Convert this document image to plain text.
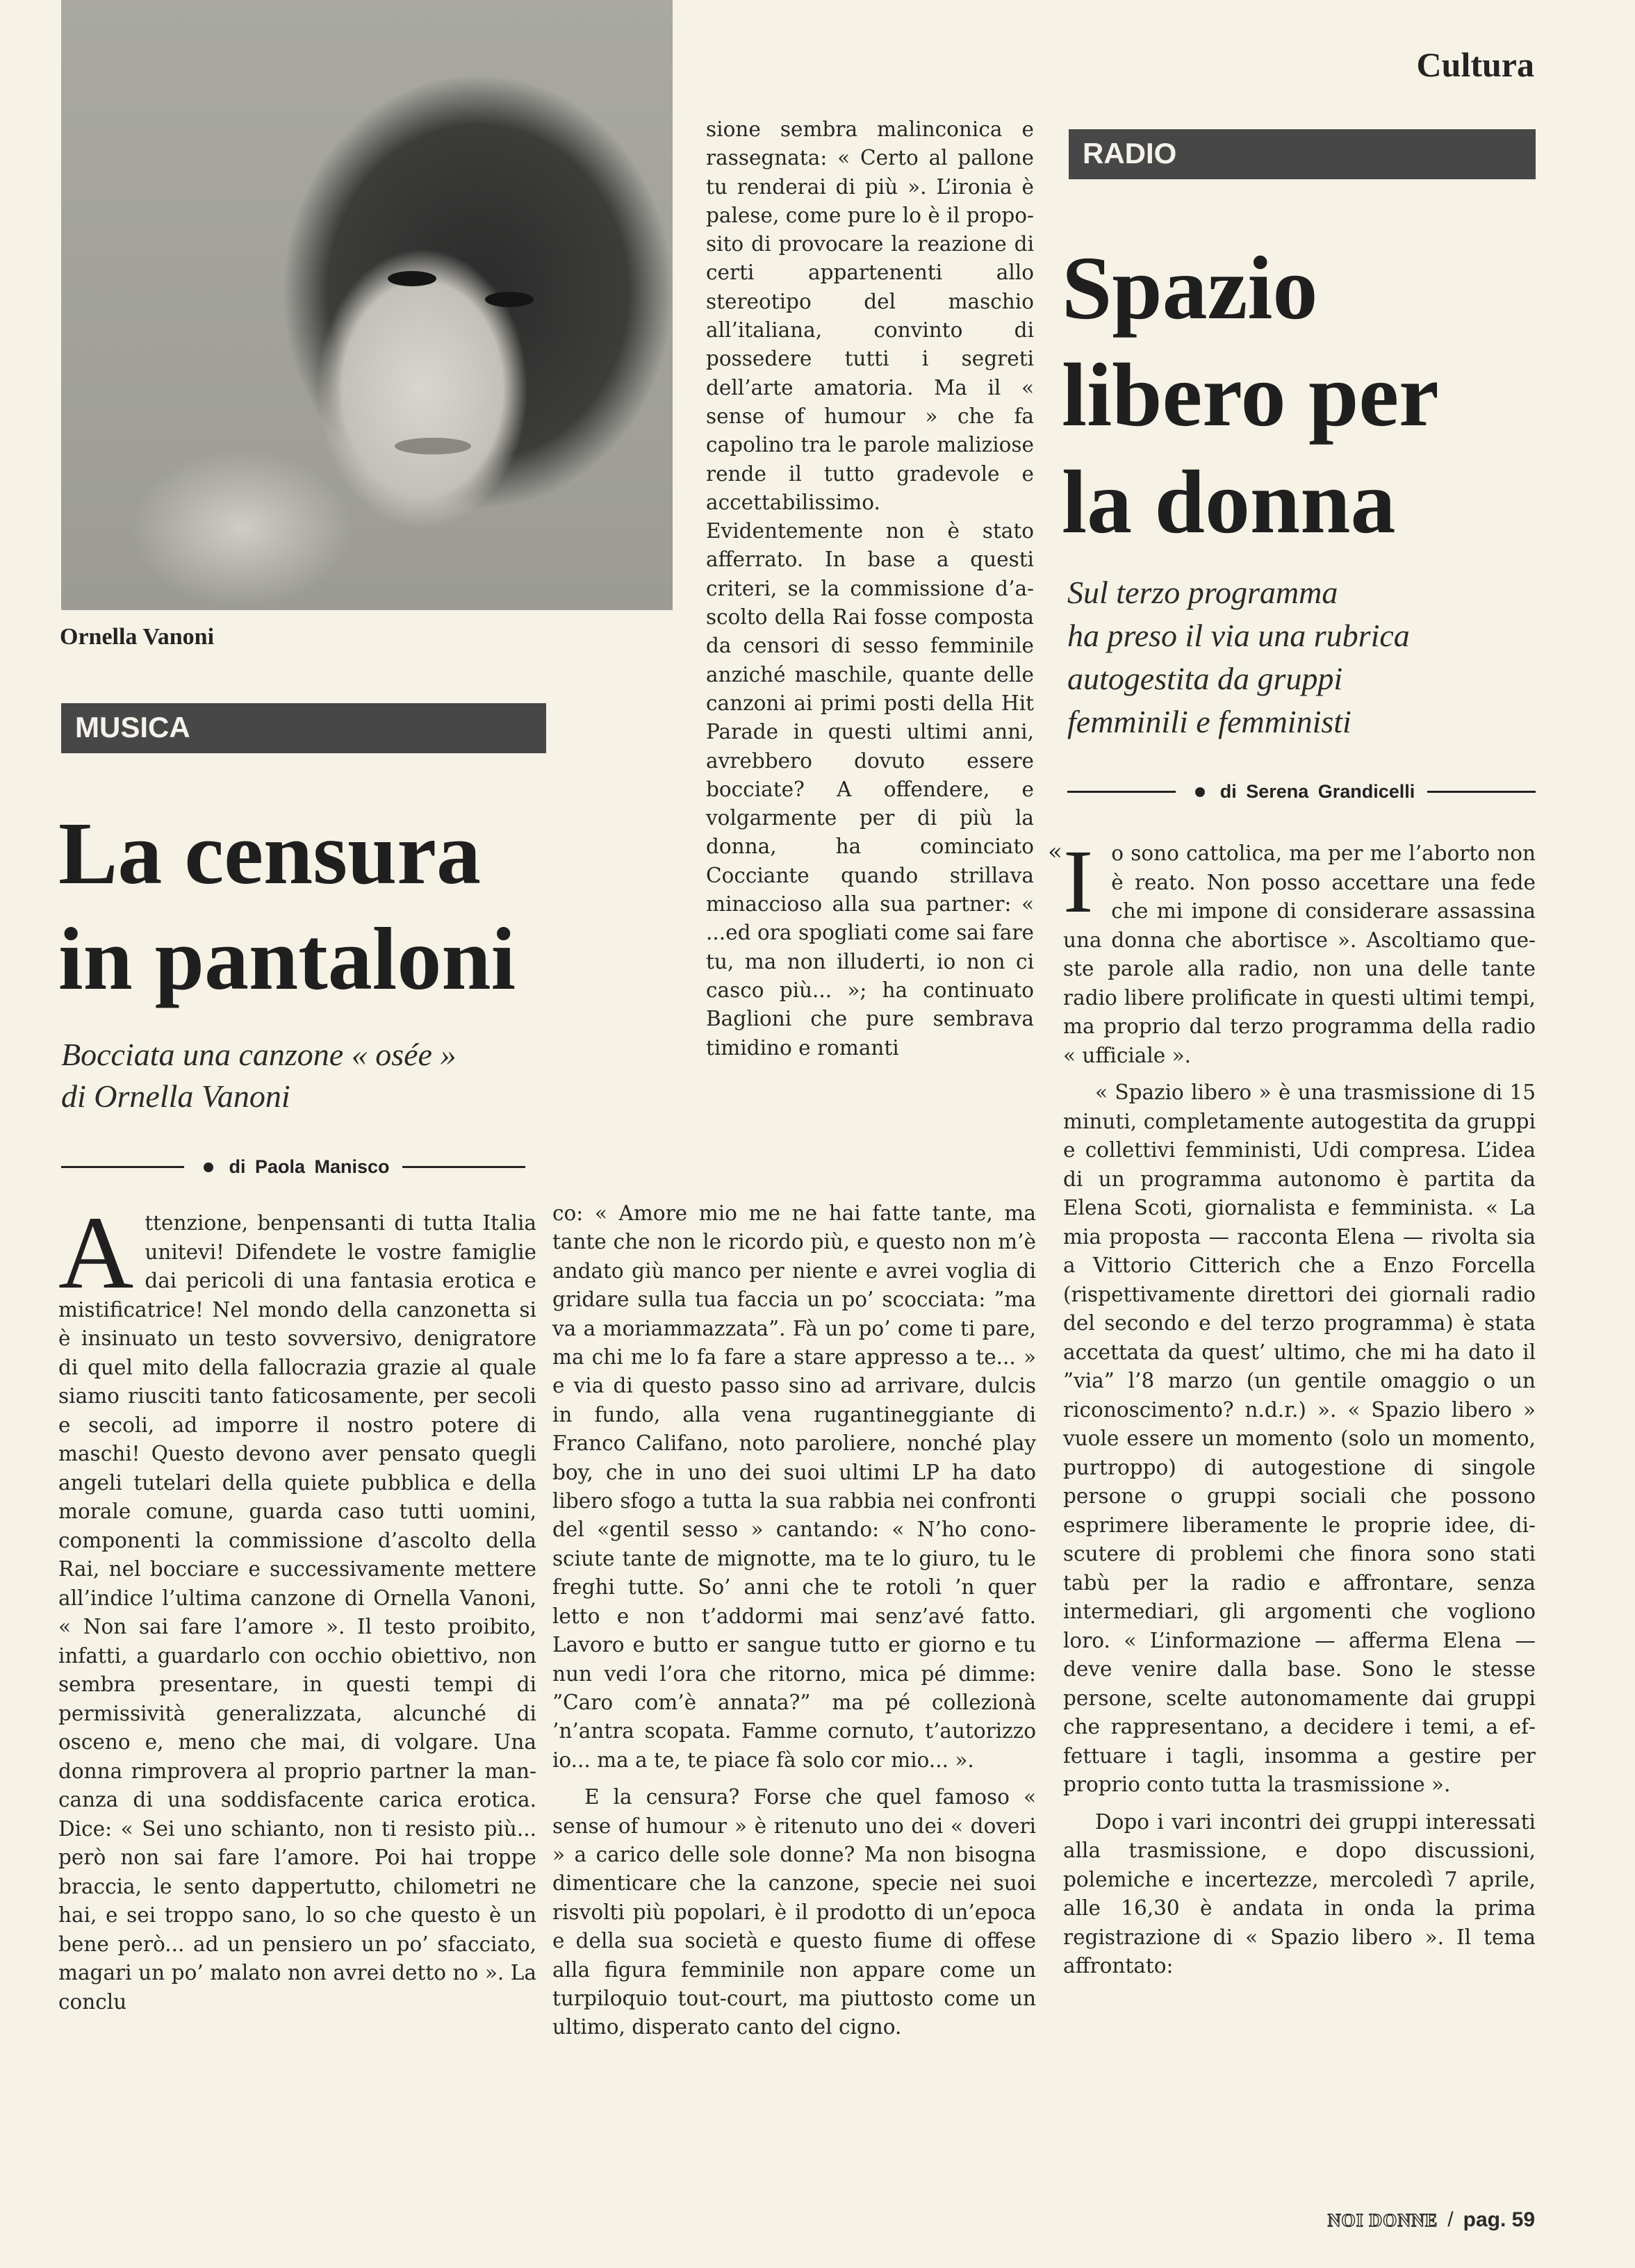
Cultura
Ornella Vanoni
MUSICA
La censura
in pantaloni
Bocciata una canzone « osée »
di Ornella Vanoni
di Paola Manisco

Attenzione, benpensanti di tutta Italia unitevi! Difendete le vostre famiglie dai pericoli di una fantasia erotica e mistificatrice! Nel mondo della canzonetta si è insinuato un testo sovversivo, denigratore di quel mito della fallocrazia grazie al quale siamo riusciti tanto faticosamente, per secoli e secoli, ad imporre il nostro potere di maschi! Questo devono aver pensato quegli angeli tutelari della quiete pubblica e della morale comune, guarda caso tutti uomini, componenti la commissione d’ascolto della Rai, nel bocciare e successivamente mettere all’indice l’ultima canzone di Ornella Vanoni, « Non sai fare l’amore ». Il testo proibito, infatti, a guardarlo con occhio obiettivo, non sembra presentare, in questi tempi di permissività generalizzata, alcunché di osceno e, meno che mai, di volgare. Una donna rimprovera al proprio partner la mancanza di una soddisfacente carica erotica. Dice: « Sei uno schianto, non ti resisto più... però non sai fare l’amore. Poi hai troppe braccia, le sento dappertutto, chilometri ne hai, e sei troppo sano, lo so che questo è un bene però... ad un pensiero un po’ sfacciato, magari un po’ malato non avrei detto no ». La conclu

sione sembra malinconica e rassegnata: « Certo al pallone tu renderai di più ». L’ironia è palese, come pure lo è il proposito di provocare la reazione di certi appartenenti allo stereotipo del maschio all’italiana, convinto di possedere tutti i segreti dell’arte amatoria. Ma il « sense of humour » che fa capolino tra le parole maliziose rende il tutto gradevole e accettabilissimo. Evidentemente non è stato afferrato. In base a questi criteri, se la commissione d’ascolto della Rai fosse composta da censori di sesso femminile anziché maschile, quante delle canzoni ai primi posti della Hit Parade in questi ultimi anni, avrebbero dovuto essere bocciate? A offendere, e volgarmente per di più la donna, ha cominciato Cocciante quando strillava minaccioso alla sua partner: « ...ed ora spogliati come sai fare tu, ma non illuderti, io non ci casco più... »; ha continuato Baglioni che pure sembrava timidino e romanti

co: « Amore mio me ne hai fatte tante, ma tante che non le ricordo più, e questo non m’è andato giù manco per niente e avrei voglia di gridare sulla tua faccia un po’ scocciata: ”ma va a moriammazzata”. Fà un po’ come ti pare, ma chi me lo fa fare a stare appresso a te... » e via di questo passo sino ad arrivare, dulcis in fundo, alla vena rugantineggiante di Franco Califano, noto paroliere, nonché play boy, che in uno dei suoi ultimi LP ha dato libero sfogo a tutta la sua rabbia nei confronti del «gentil sesso » cantando: « N’ho conosciute tante de mignotte, ma te lo giuro, tu le freghi tutte. So’ anni che te rotoli ’n quer letto e non t’addormi mai senz’avé fatto. Lavoro e butto er sangue tutto er giorno e tu nun vedi l’ora che ritorno, mica pé dimme: ”Caro com’è annata?” ma pé collezionà ’n’antra scopata. Famme cornuto, t’autorizzo io... ma a te, te piace fà solo cor mio... ».

E la censura? Forse che quel famoso « sense of humour » è ritenuto uno dei « doveri » a carico delle sole donne? Ma non bisogna dimenticare che la canzone, specie nei suoi risvolti più popolari, è il prodotto di un’epoca e della sua società e questo fiume di offese alla figura femminile non appare come un turpiloquio tout-court, ma piuttosto come un ultimo, disperato canto del cigno.

RADIO
Spazio
libero per
la donna
Sul terzo programma
ha preso il via una rubrica
autogestita da gruppi
femminili e femministi
di Serena Grandicelli
« Io sono cattolica, ma per me l’aborto non è reato. Non posso accettare una fede che mi impone di considerare assassina una donna che abortisce ». Ascoltiamo queste parole alla radio, non una delle tante radio libere prolificate in questi ultimi tempi, ma proprio dal terzo programma della radio « ufficiale ».

« Spazio libero » è una trasmissione di 15 minuti, completamente autogestita da gruppi e collettivi femministi, Udi compresa. L’idea di un programma autonomo è partita da Elena Scoti, giornalista e femminista. « La mia proposta — racconta Elena — rivolta sia a Vittorio Citterich che a Enzo Forcella (rispettivamente direttori dei giornali radio del secondo e del terzo programma) è stata accettata da quest’ ultimo, che mi ha dato il ”via” l’8 marzo (un gentile omaggio o un riconoscimento? n.d.r.) ». « Spazio libero » vuole essere un momento (solo un momento, purtroppo) di autogestione di singole persone o gruppi sociali che possono esprimere liberamente le proprie idee, discutere di problemi che finora sono stati tabù per la radio e affrontare, senza intermediari, gli argomenti che vogliono loro. « L’informazione — afferma Elena — deve venire dalla base. Sono le stesse persone, scelte autonomamente dai gruppi che rappresentano, a decidere i temi, a effettuare i tagli, insomma a gestire per proprio conto tutta la trasmissione ».

Dopo i vari incontri dei gruppi interessati alla trasmissione, e dopo discussioni, polemiche e incertezze, mercoledì 7 aprile, alle 16,30 è andata in onda la prima registrazione di « Spazio libero ». Il tema affrontato:

NOI DONNE / pag. 59
